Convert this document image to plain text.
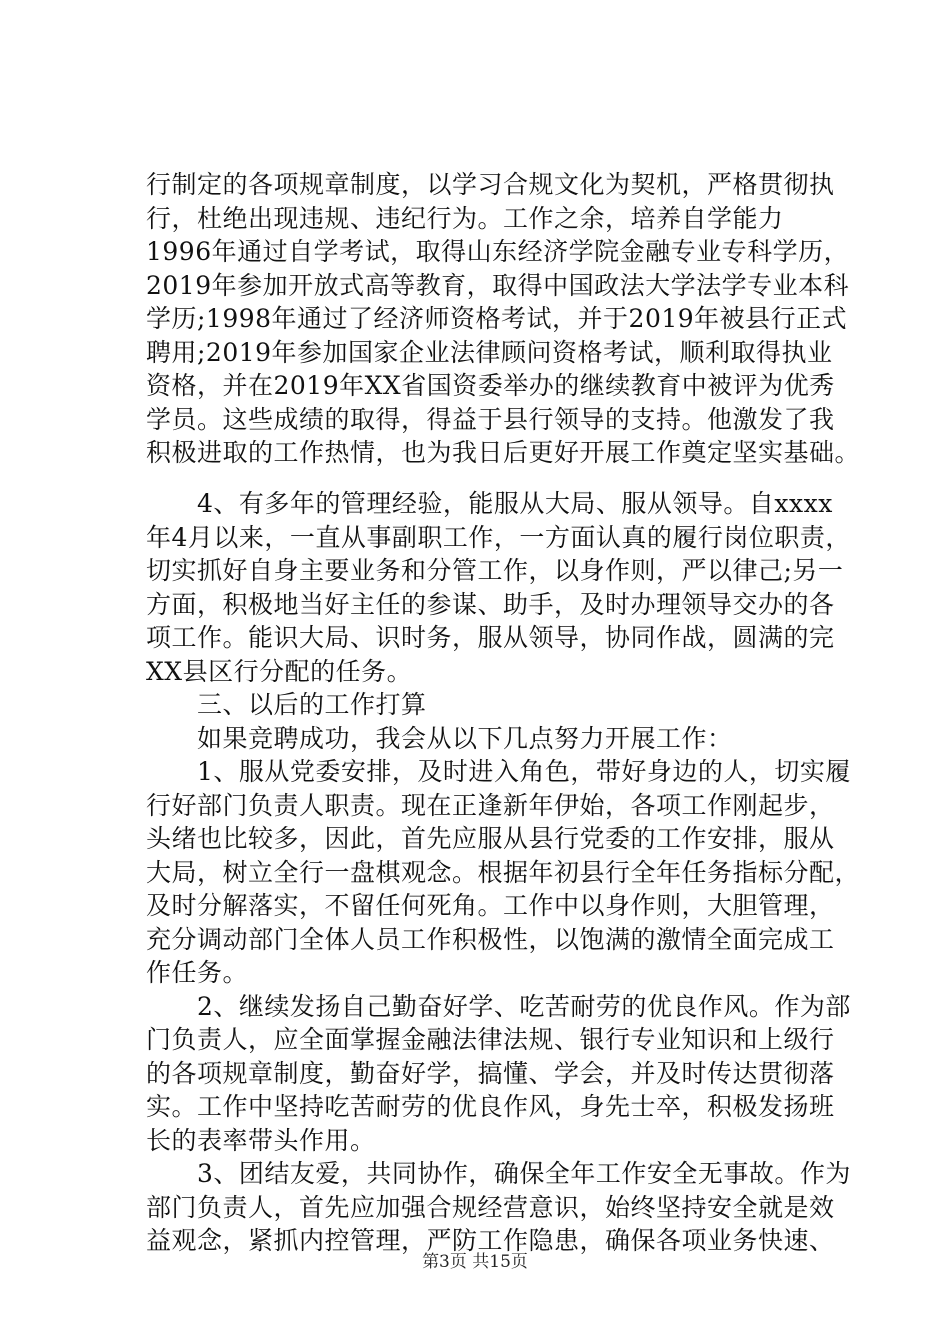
行制定的各项规章制度，以学习合规文化为契机，严格贯彻执
行，杜绝出现违规、违纪行为。工作之余，培养自学能力
1996年通过自学考试，取得山东经济学院金融专业专科学历，
2019年参加开放式高等教育，取得中国政法大学法学专业本科
学历;1998年通过了经济师资格考试，并于2019年被县行正式
聘用;2019年参加国家企业法律顾问资格考试，顺利取得执业
资格，并在2019年XX省国资委举办的继续教育中被评为优秀
学员。这些成绩的取得，得益于县行领导的支持。他激发了我
积极进取的工作热情，也为我日后更好开展工作奠定坚实基础。
　　4、有多年的管理经验，能服从大局、服从领导。自xxxx
年4月以来，一直从事副职工作，一方面认真的履行岗位职责，
切实抓好自身主要业务和分管工作，以身作则，严以律己;另一
方面，积极地当好主任的参谋、助手，及时办理领导交办的各
项工作。能识大局、识时务，服从领导，协同作战，圆满的完
XX县区行分配的任务。
　　三、以后的工作打算
　　如果竞聘成功，我会从以下几点努力开展工作：
　　1、服从党委安排，及时进入角色，带好身边的人，切实履
行好部门负责人职责。现在正逢新年伊始，各项工作刚起步，
头绪也比较多，因此，首先应服从县行党委的工作安排，服从
大局，树立全行一盘棋观念。根据年初县行全年任务指标分配，
及时分解落实，不留任何死角。工作中以身作则，大胆管理，
充分调动部门全体人员工作积极性，以饱满的激情全面完成工
作任务。
　　2、继续发扬自己勤奋好学、吃苦耐劳的优良作风。作为部
门负责人，应全面掌握金融法律法规、银行专业知识和上级行
的各项规章制度，勤奋好学，搞懂、学会，并及时传达贯彻落
实。工作中坚持吃苦耐劳的优良作风，身先士卒，积极发扬班
长的表率带头作用。
　　3、团结友爱，共同协作，确保全年工作安全无事故。作为
部门负责人，首先应加强合规经营意识，始终坚持安全就是效
益观念，紧抓内控管理，严防工作隐患，确保各项业务快速、
第3页 共15页
